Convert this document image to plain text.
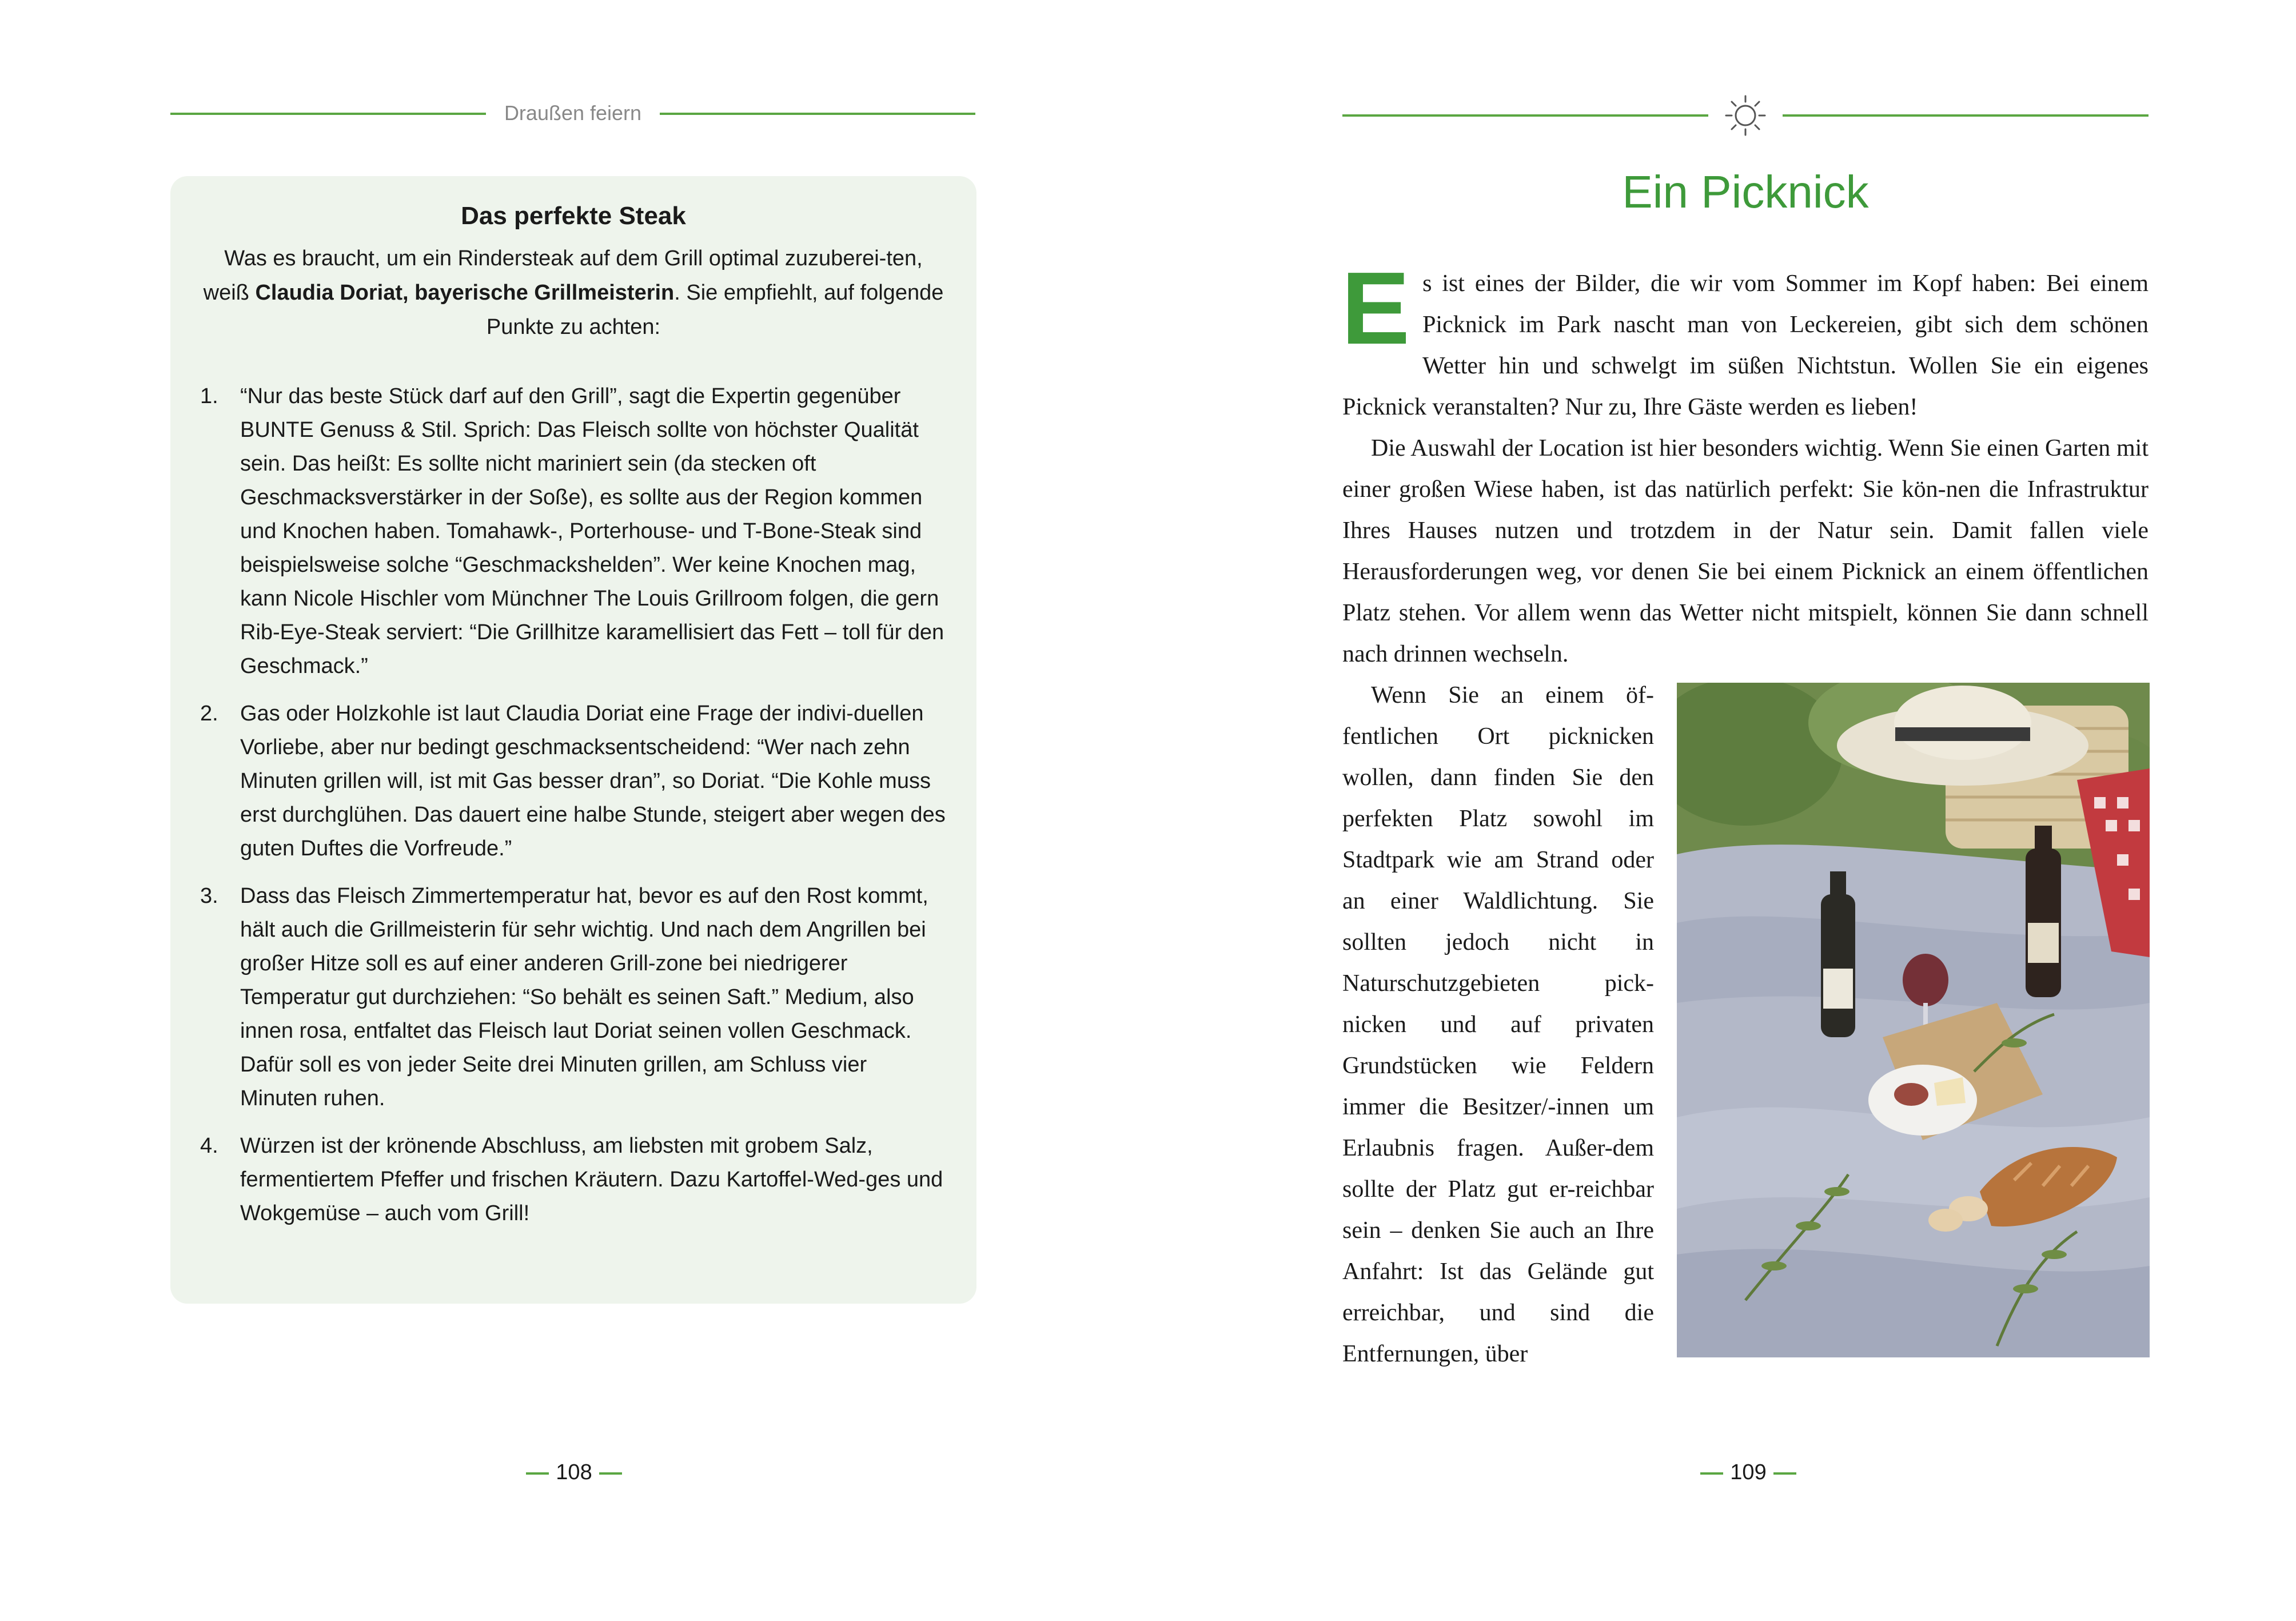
Draußen feiern
Das perfekte Steak

Was es braucht, um ein Rindersteak auf dem Grill optimal zuzuberei-ten, weiß Claudia Doriat, bayerische Grillmeisterin. Sie empfiehlt, auf folgende Punkte zu achten:

1. “Nur das beste Stück darf auf den Grill”, sagt die Expertin gegenüber BUNTE Genuss & Stil. Sprich: Das Fleisch sollte von höchster Qualität sein. Das heißt: Es sollte nicht mariniert sein (da stecken oft Geschmacksverstärker in der Soße), es sollte aus der Region kommen und Knochen haben. Tomahawk-, Porterhouse- und T-Bone-Steak sind beispielsweise solche “Geschmackshelden”. Wer keine Knochen mag, kann Nicole Hischler vom Münchner The Louis Grillroom folgen, die gern Rib-Eye-Steak serviert: “Die Grillhitze karamellisiert das Fett – toll für den Geschmack.”
2. Gas oder Holzkohle ist laut Claudia Doriat eine Frage der indivi-duellen Vorliebe, aber nur bedingt geschmacksentscheidend: “Wer nach zehn Minuten grillen will, ist mit Gas besser dran”, so Doriat. “Die Kohle muss erst durchglühen. Das dauert eine halbe Stunde, steigert aber wegen des guten Duftes die Vorfreude.”
3. Dass das Fleisch Zimmertemperatur hat, bevor es auf den Rost kommt, hält auch die Grillmeisterin für sehr wichtig. Und nach dem Angrillen bei großer Hitze soll es auf einer anderen Grill-zone bei niedrigerer Temperatur gut durchziehen: “So behält es seinen Saft.” Medium, also innen rosa, entfaltet das Fleisch laut Doriat seinen vollen Geschmack. Dafür soll es von jeder Seite drei Minuten grillen, am Schluss vier Minuten ruhen.
4. Würzen ist der krönende Abschluss, am liebsten mit grobem Salz, fermentiertem Pfeffer und frischen Kräutern. Dazu Kartoffel-Wed-ges und Wokgemüse – auch vom Grill!
108
Ein Picknick

Es ist eines der Bilder, die wir vom Sommer im Kopf haben: Bei einem Picknick im Park nascht man von Leckereien, gibt sich dem schönen Wetter hin und schwelgt im süßen Nichtstun. Wollen Sie ein eigenes Picknick veranstalten? Nur zu, Ihre Gäste werden es lieben!

Die Auswahl der Location ist hier besonders wichtig. Wenn Sie einen Garten mit einer großen Wiese haben, ist das natürlich perfekt: Sie kön-nen die Infrastruktur Ihres Hauses nutzen und trotzdem in der Natur sein. Damit fallen viele Herausforderungen weg, vor denen Sie bei einem Picknick an einem öffentlichen Platz stehen. Vor allem wenn das Wetter nicht mitspielt, können Sie dann schnell nach drinnen wechseln.

Wenn Sie an einem öf-fentlichen Ort picknicken wollen, dann finden Sie den perfekten Platz sowohl im Stadtpark wie am Strand oder an einer Waldlichtung. Sie sollten jedoch nicht in Naturschutzgebieten pick-nicken und auf privaten Grundstücken wie Feldern immer die Besitzer/-innen um Erlaubnis fragen. Außer-dem sollte der Platz gut er-reichbar sein – denken Sie auch an Ihre Anfahrt: Ist das Gelände gut erreichbar, und sind die Entfernungen, über

109
